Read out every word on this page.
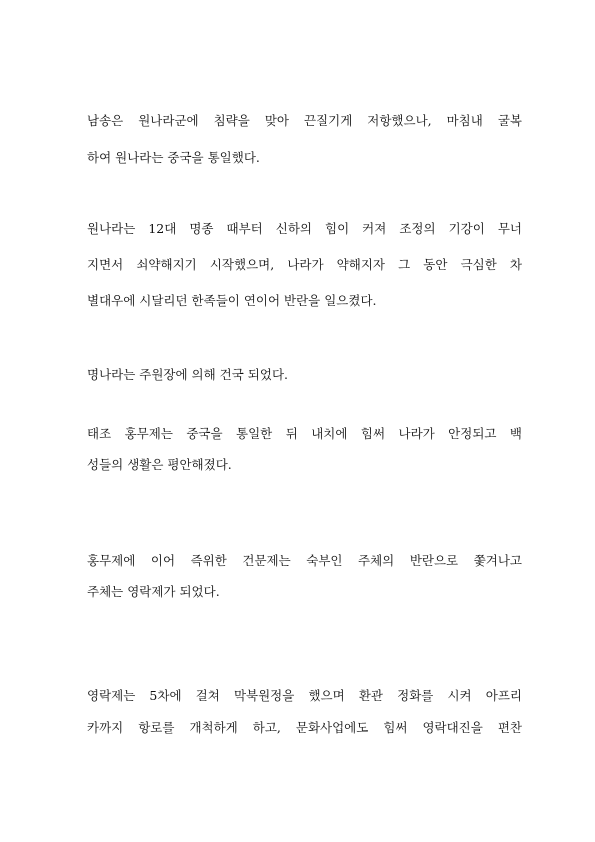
남송은 원나라군에 침략을 맞아 끈질기게 저항했으나, 마침내 굴복
하여 원나라는 중국을 통일했다.
원나라는 12대 명종 때부터 신하의 힘이 커져 조정의 기강이 무너
지면서 쇠약해지기 시작했으며, 나라가 약해지자 그 동안 극심한 차
별대우에 시달리던 한족들이 연이어 반란을 일으켰다.
명나라는 주원장에 의해 건국 되었다.
태조 홍무제는 중국을 통일한 뒤 내치에 힘써 나라가 안정되고 백
성들의 생활은 평안해졌다.
홍무제에 이어 즉위한 건문제는 숙부인 주체의 반란으로 쫓겨나고
주체는 영락제가 되었다.
영락제는 5차에 걸쳐 막북원정을 했으며 환관 정화를 시켜 아프리
카까지 항로를 개척하게 하고, 문화사업에도 힘써 영락대진을 편찬
